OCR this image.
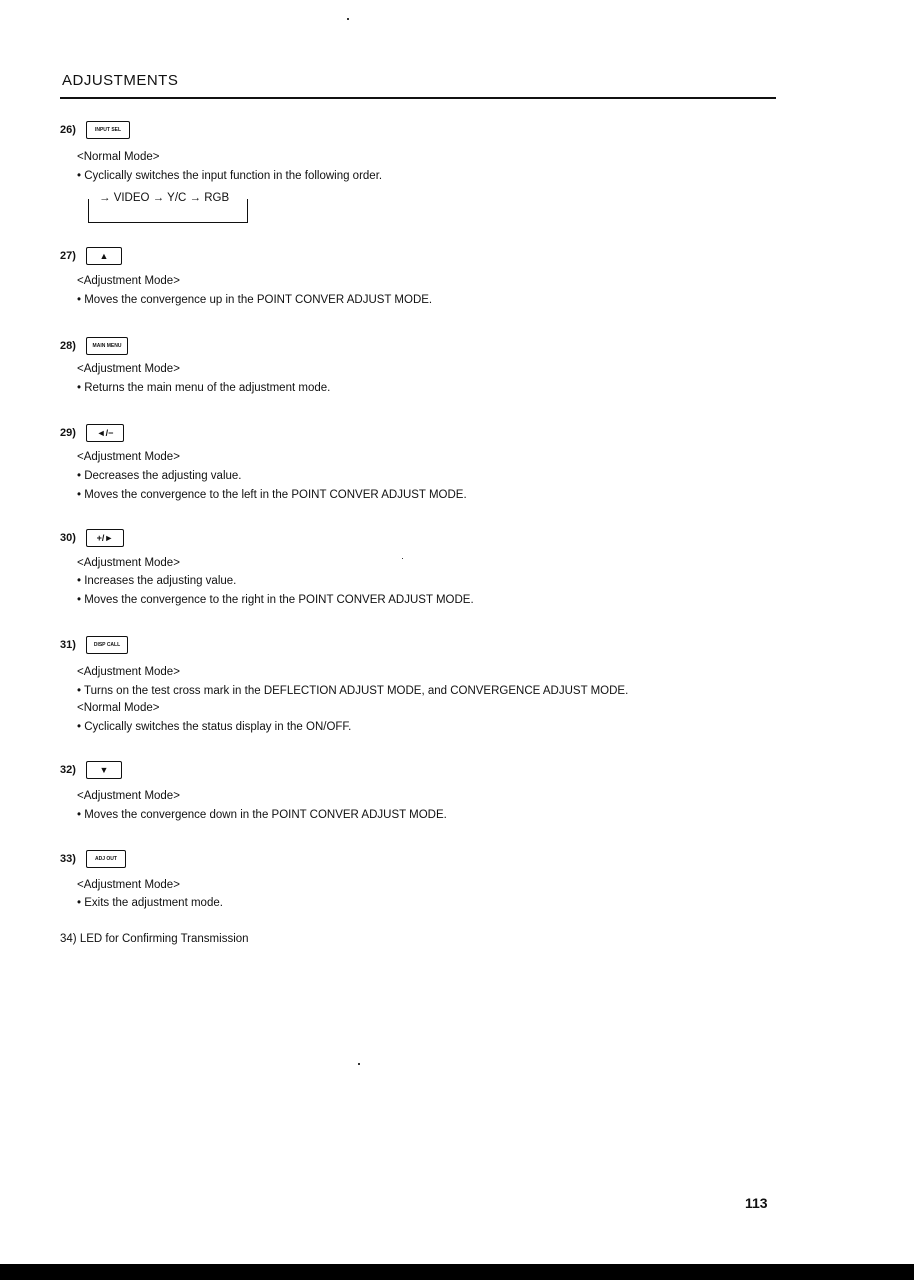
ADJUSTMENTS
26)	INPUT SEL
<Normal Mode>
• Cyclically switches the input function in the following order.
→ VIDEO → Y/C → RGB
27)	▲
<Adjustment Mode>
• Moves the convergence up in the POINT CONVER ADJUST MODE.
28)	MAIN MENU
<Adjustment Mode>
• Returns the main menu of the adjustment mode.
29)	◄/−
<Adjustment Mode>
• Decreases the adjusting value.
• Moves the convergence to the left in the POINT CONVER ADJUST MODE.
30)	+/►
<Adjustment Mode>
• Increases the adjusting value.
• Moves the convergence to the right in the POINT CONVER ADJUST MODE.
31)	DISP CALL
<Adjustment Mode>
• Turns on the test cross mark in the DEFLECTION ADJUST MODE, and CONVERGENCE ADJUST MODE.
<Normal Mode>
• Cyclically switches the status display in the ON/OFF.
32)	▼
<Adjustment Mode>
• Moves the convergence down in the POINT CONVER ADJUST MODE.
33)	ADJ OUT
<Adjustment Mode>
• Exits the adjustment mode.
34) LED for Confirming Transmission
113
